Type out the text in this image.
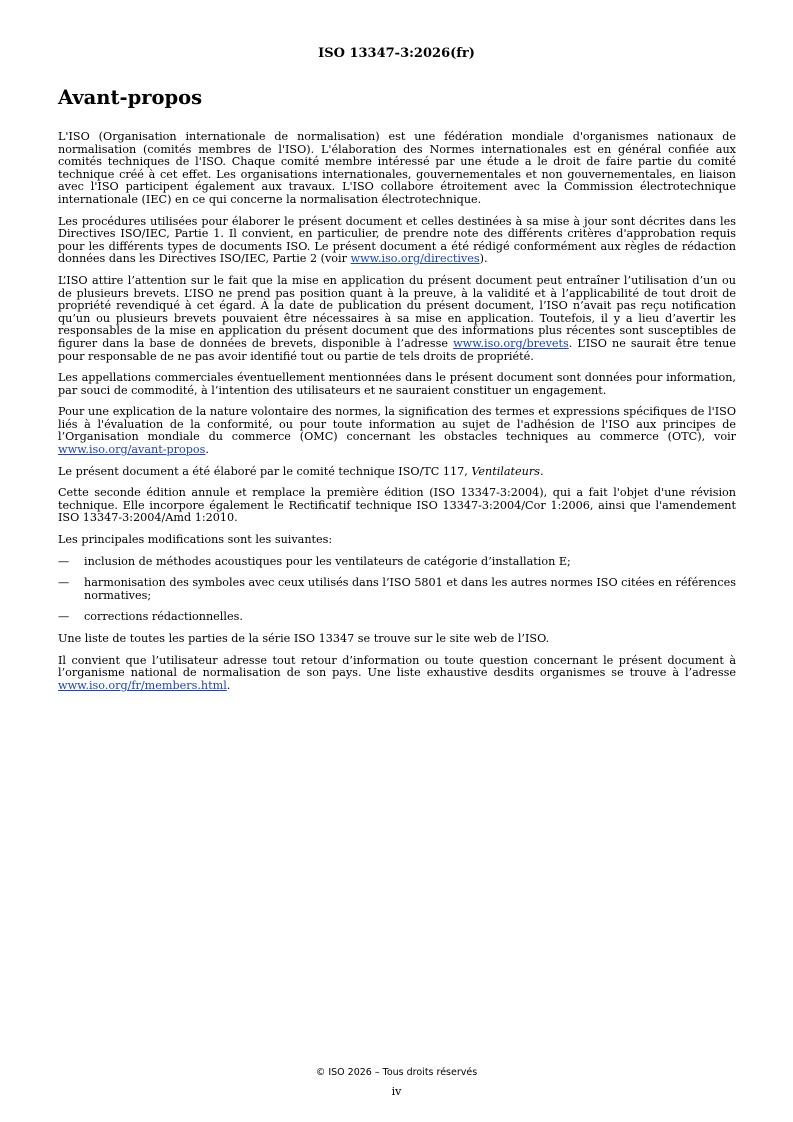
ISO 13347-3:2026(fr)
Avant-propos

L'ISO (Organisation internationale de normalisation) est une fédération mondiale d'organismes nationaux de normalisation (comités membres de l'ISO). L'élaboration des Normes internationales est en général confiée aux comités techniques de l'ISO. Chaque comité membre intéressé par une étude a le droit de faire partie du comité technique créé à cet effet. Les organisations internationales, gouvernementales et non gouvernementales, en liaison avec l'ISO participent également aux travaux. L'ISO collabore étroitement avec la Commission électrotechnique internationale (IEC) en ce qui concerne la normalisation électrotechnique.

Les procédures utilisées pour élaborer le présent document et celles destinées à sa mise à jour sont décrites dans les Directives ISO/IEC, Partie 1. Il convient, en particulier, de prendre note des différents critères d'approbation requis pour les différents types de documents ISO. Le présent document a été rédigé conformément aux règles de rédaction données dans les Directives ISO/IEC, Partie 2 (voir www.iso.org/directives).

L’ISO attire l’attention sur le fait que la mise en application du présent document peut entraîner l’utilisation d’un ou de plusieurs brevets. L’ISO ne prend pas position quant à la preuve, à la validité et à l’applicabilité de tout droit de propriété revendiqué à cet égard. À la date de publication du présent document, l’ISO n’avait pas reçu notification qu’un ou plusieurs brevets pouvaient être nécessaires à sa mise en application. Toutefois, il y a lieu d’avertir les responsables de la mise en application du présent document que des informations plus récentes sont susceptibles de figurer dans la base de données de brevets, disponible à l’adresse www.iso.org/brevets. L’ISO ne saurait être tenue pour responsable de ne pas avoir identifié tout ou partie de tels droits de propriété.

Les appellations commerciales éventuellement mentionnées dans le présent document sont données pour information, par souci de commodité, à l’intention des utilisateurs et ne sauraient constituer un engagement.

Pour une explication de la nature volontaire des normes, la signification des termes et expressions spécifiques de l'ISO liés à l'évaluation de la conformité, ou pour toute information au sujet de l'adhésion de l'ISO aux principes de l’Organisation mondiale du commerce (OMC) concernant les obstacles techniques au commerce (OTC), voir www.iso.org/avant-propos.

Le présent document a été élaboré par le comité technique ISO/TC 117, Ventilateurs.

Cette seconde édition annule et remplace la première édition (ISO 13347-3:2004), qui a fait l'objet d'une révision technique. Elle incorpore également le Rectificatif technique ISO 13347-3:2004/Cor 1:2006, ainsi que l'amendement ISO 13347-3:2004/Amd 1:2010.

Les principales modifications sont les suivantes:

—	inclusion de méthodes acoustiques pour les ventilateurs de catégorie d’installation E;
—	harmonisation des symboles avec ceux utilisés dans l’ISO 5801 et dans les autres normes ISO citées en références normatives;
—	corrections rédactionnelles.

Une liste de toutes les parties de la série ISO 13347 se trouve sur le site web de l’ISO.

Il convient que l’utilisateur adresse tout retour d’information ou toute question concernant le présent document à l’organisme national de normalisation de son pays. Une liste exhaustive desdits organismes se trouve à l’adresse www.iso.org/fr/members.html.

© ISO 2026 – Tous droits réservés
iv
